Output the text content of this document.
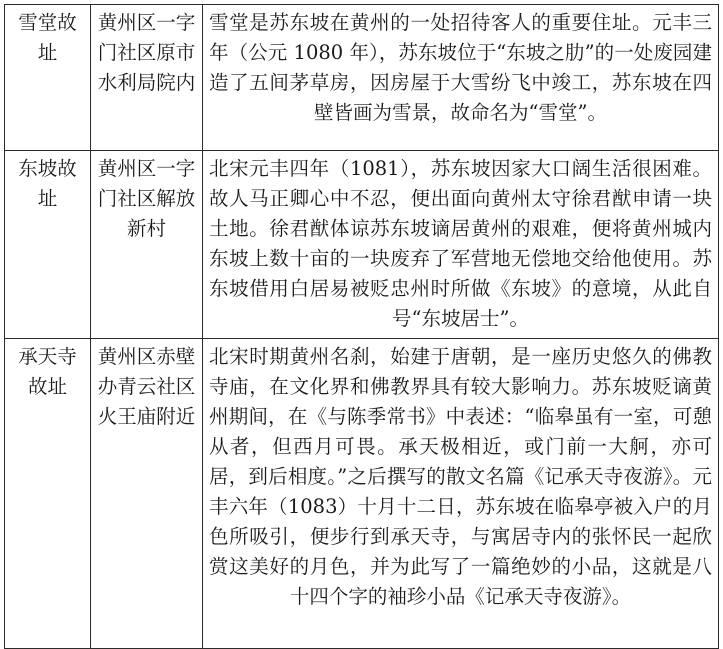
雪堂故址	黄州区一字门社区原市水利局院内	雪堂是苏东坡在黄州的一处招待客人的重要住址。元丰三年（公元 1080 年），苏东坡位于“东坡之肋”的一处废园建造了五间茅草房，因房屋于大雪纷飞中竣工，苏东坡在四壁皆画为雪景，故命名为“雪堂”。
东坡故址	黄州区一字门社区解放新村	北宋元丰四年（1081），苏东坡因家大口阔生活很困难。故人马正卿心中不忍，便出面向黄州太守徐君猷申请一块土地。徐君猷体谅苏东坡谪居黄州的艰难，便将黄州城内东坡上数十亩的一块废弃了军营地无偿地交给他使用。苏东坡借用白居易被贬忠州时所做《东坡》的意境，从此自号“东坡居士”。
承天寺故址	黄州区赤壁办青云社区火王庙附近	北宋时期黄州名刹，始建于唐朝，是一座历史悠久的佛教寺庙，在文化界和佛教界具有较大影响力。苏东坡贬谪黄州期间，在《与陈季常书》中表述：“临皋虽有一室，可憩从者，但西月可畏。承天极相近，或门前一大舸，亦可居，到后相度。”之后撰写的散文名篇《记承天寺夜游》。元丰六年（1083）十月十二日，苏东坡在临皋亭被入户的月色所吸引，便步行到承天寺，与寓居寺内的张怀民一起欣赏这美好的月色，并为此写了一篇绝妙的小品，这就是八十四个字的袖珍小品《记承天寺夜游》。
